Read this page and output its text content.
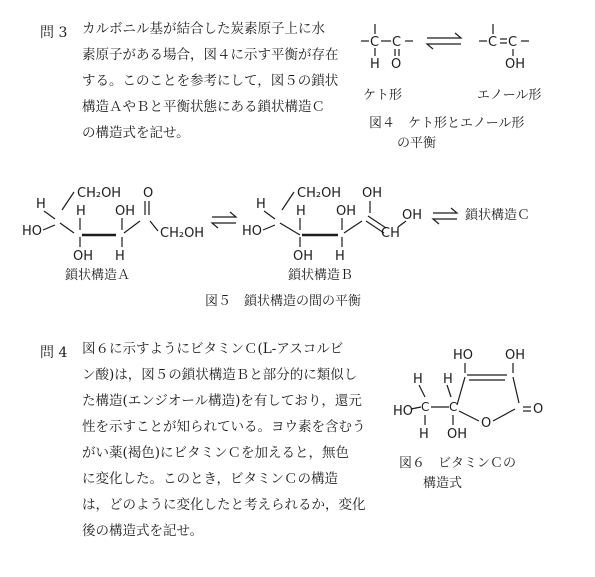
問 3 カルボニル基が結合した炭素原子上に水
素原子がある場合，図４に示す平衡が存在
する。このことを参考にして，図５の鎖状
構造ＡやＢと平衡状態にある鎖状構造Ｃ
の構造式を記せ。
C
H
C
O
C C
OH
ケト形	エノール形
図４　ケト形とエノール形
の平衡
CH₂OH
H
HO
H
OH
OH
H
O
CH₂OH
鎖状構造Ａ
CH₂OH
H
HO
H
OH
OH
H
OH
CH
OH
鎖状構造Ｂ
鎖状構造Ｃ
図５　鎖状構造の間の平衡
問 4 図６に示すようにビタミンＣ(L-アスコルビ
ン酸)は，図５の鎖状構造Ｂと部分的に類似し
た構造(エンジオール構造)を有しており，還元
性を示すことが知られている。ヨウ素を含むう
がい薬(褐色)にビタミンＣを加えると，無色
に変化した。このとき，ビタミンＣの構造
は，どのように変化したと考えられるか，変化
後の構造式を記せ。
HO OH
H H
HO C C
H OH
O
O
図６　ビタミンＣの
構造式
